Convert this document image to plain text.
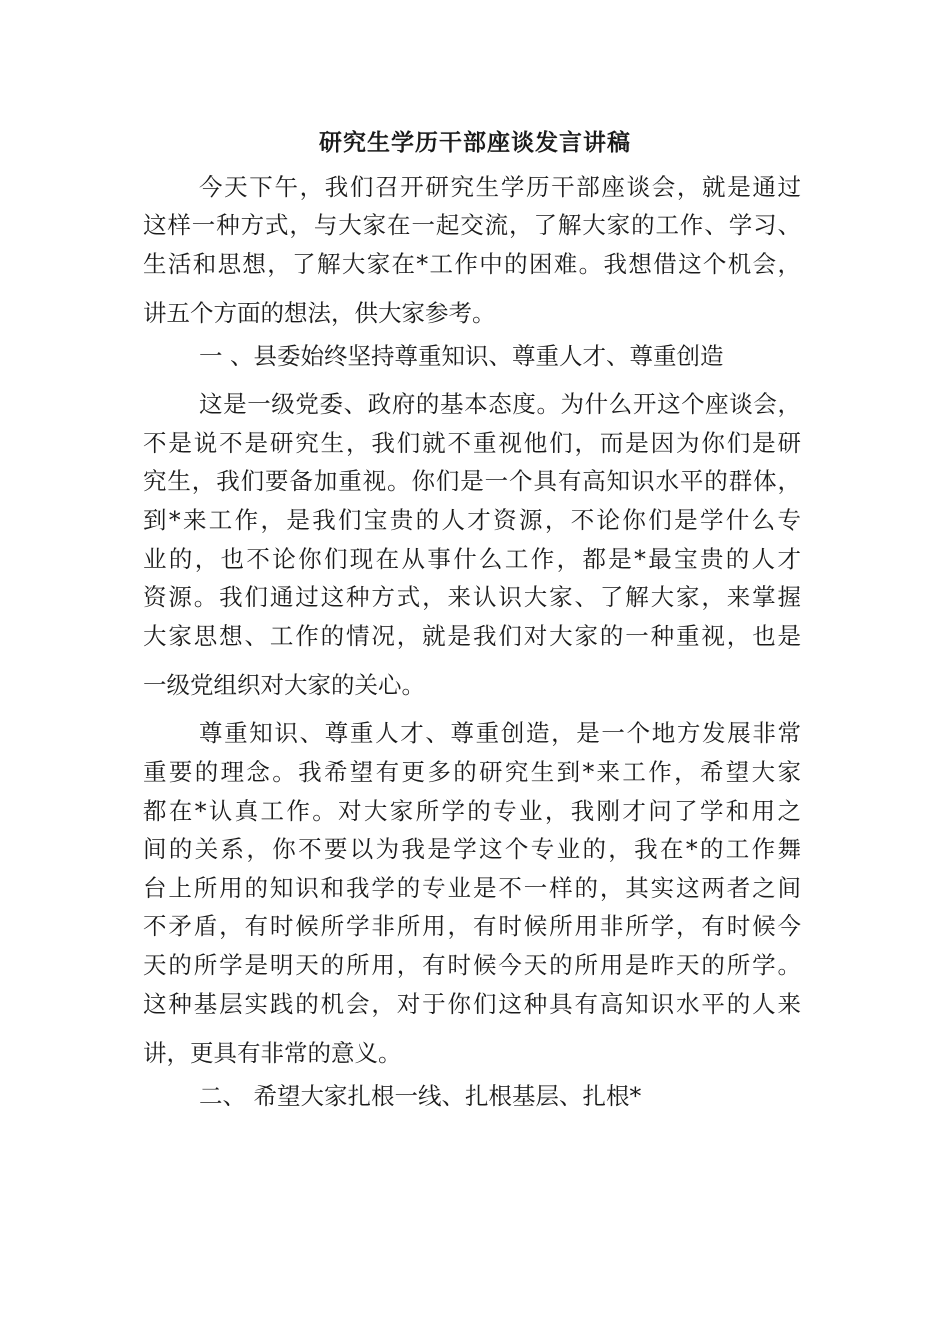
研究生学历干部座谈发言讲稿
今天下午，我们召开研究生学历干部座谈会，就是通过
这样一种方式，与大家在一起交流，了解大家的工作、学习、
生活和思想，了解大家在*工作中的困难。我想借这个机会，
讲五个方面的想法，供大家参考。
一 、县委始终坚持尊重知识、尊重人才、尊重创造
这是一级党委、政府的基本态度。为什么开这个座谈会，
不是说不是研究生，我们就不重视他们，而是因为你们是研
究生，我们要备加重视。你们是一个具有高知识水平的群体，
到*来工作，是我们宝贵的人才资源，不论你们是学什么专
业的，也不论你们现在从事什么工作，都是*最宝贵的人才
资源。我们通过这种方式，来认识大家、了解大家，来掌握
大家思想、工作的情况，就是我们对大家的一种重视，也是
一级党组织对大家的关心。
尊重知识、尊重人才、尊重创造，是一个地方发展非常
重要的理念。我希望有更多的研究生到*来工作，希望大家
都在*认真工作。对大家所学的专业，我刚才问了学和用之
间的关系，你不要以为我是学这个专业的，我在*的工作舞
台上所用的知识和我学的专业是不一样的，其实这两者之间
不矛盾，有时候所学非所用，有时候所用非所学，有时候今
天的所学是明天的所用，有时候今天的所用是昨天的所学。
这种基层实践的机会，对于你们这种具有高知识水平的人来
讲，更具有非常的意义。
二、 希望大家扎根一线、扎根基层、扎根*
